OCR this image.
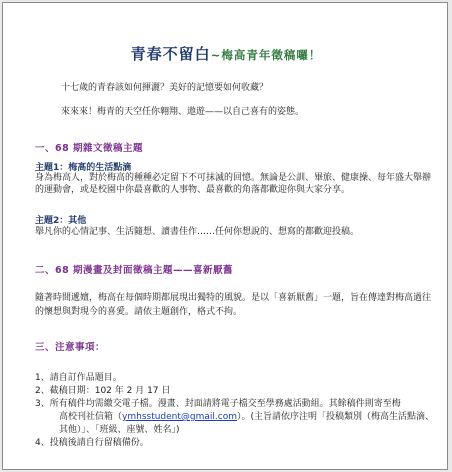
青春不留白~梅高青年徵稿囉！
十七歲的青春該如何揮灑？美好的記憶要如何收藏？
來來來！梅青的天空任你翱翔、遨遊——以自己喜有的姿態。
一、68 期雜文徵稿主題
主題1：梅高的生活點滴
身為梅高人，對於梅高的種種必定留下不可抹滅的回憶。無論是公訓、畢旅、健康操、每年盛大舉辦的運動會，或是校園中你最喜歡的人事物、最喜歡的角落都歡迎你與大家分享。
主題2：其他
舉凡你的心情記事、生活隨想、讀書佳作……任何你想說的、想寫的都歡迎投稿。
二、68 期漫畫及封面徵稿主題——喜新厭舊
隨著時間遞嬗，梅高在每個時期都展現出獨特的風貌。是以「喜新厭舊」一題，旨在傳達對梅高過往的懷想與對現今的喜愛。請依主題創作，格式不拘。
三、注意事項：
1、請自訂作品題目。
2、截稿日期：102 年 2 月 17 日
3、所有稿件均需繳交電子檔。漫畫、封面請將電子檔交至學務處活動組。其餘稿件則寄至梅
高校刊社信箱（ymhsstudent@gmail.com）。(主旨請依序注明「投稿類別（梅高生活點滴、
其他）」、「班級、座號、姓名」)
4、投稿後請自行留稿備份。
